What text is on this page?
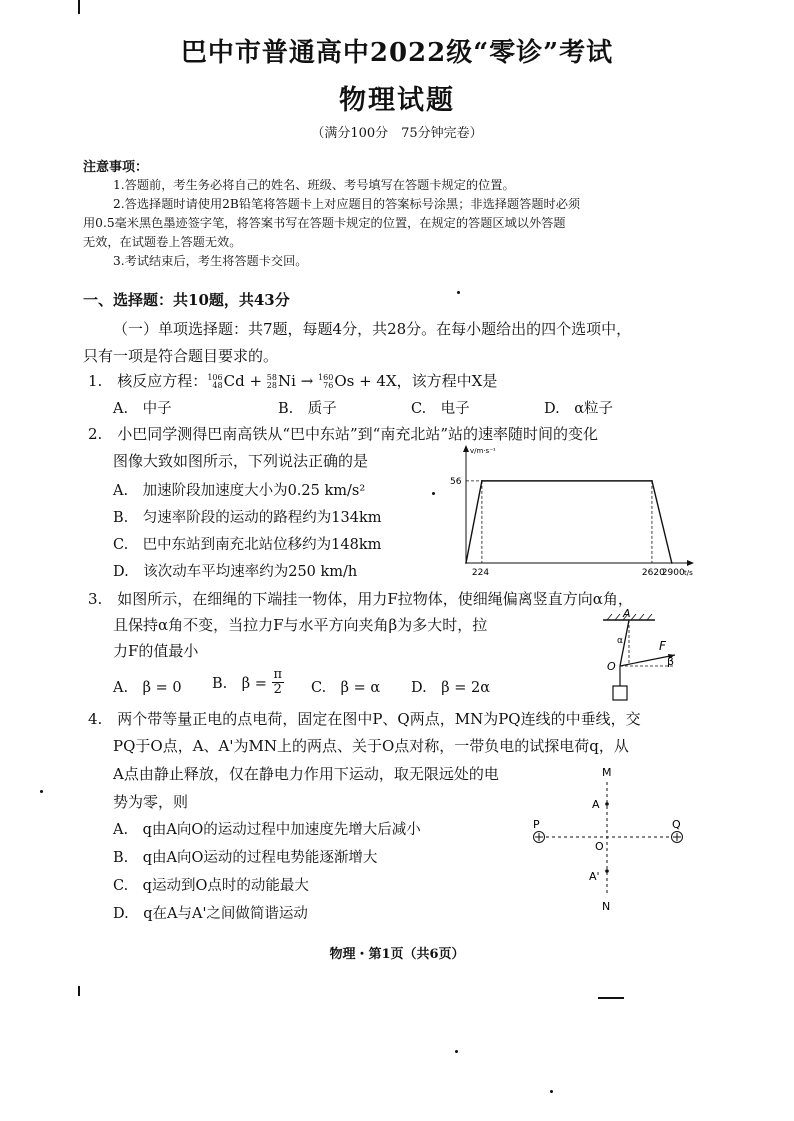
巴中市普通高中2022级“零诊”考试
物理试题
（满分100分　75分钟完卷）
注意事项：
1.答题前，考生务必将自己的姓名、班级、考号填写在答题卡规定的位置。
2.答选择题时请使用2B铅笔将答题卡上对应题目的答案标号涂黑；非选择题答题时必须
用0.5毫米黑色墨迹签字笔，将答案书写在答题卡规定的位置，在规定的答题区域以外答题
无效，在试题卷上答题无效。
3.考试结束后，考生将答题卡交回。
一、选择题：共10题，共43分
（一）单项选择题：共7题，每题4分，共28分。在每小题给出的四个选项中，
只有一项是符合题目要求的。
1.　核反应方程：106
48Cd + 58
28Ni → 160
76Os + 4X，该方程中X是
A.　中子	B.　质子	C.　电子	D.　α粒子
2.　小巴同学测得巴南高铁从“巴中东站”到“南充北站”站的速率随时间的变化
图像大致如图所示，下列说法正确的是
A.　加速阶段加速度大小为0.25 km/s²
B.　匀速率阶段的运动的路程约为134km
C.　巴中东站到南充北站位移约为148km
D.　该次动车平均速率约为250 km/h	224	2620
2900
56
v/m·s⁻¹
t/s
3.　如图所示，在细绳的下端挂一物体，用力F拉物体，使细绳偏离竖直方向α角，
且保持α角不变，当拉力F与水平方向夹角β为多大时，拉
力F的值最小
A.　β = 0 B.　$\beta = \frac{\pi}{2} C$.　β = α D.　β = 2α
A
α
O
F
β
4.　两个带等量正电的点电荷，固定在图中P、Q两点，MN为PQ连线的中垂线，交
PQ于O点，A、A'为MN上的两点、关于O点对称，一带负电的试探电荷q，从
A点由静止释放，仅在静电力作用下运动，取无限远处的电
势为零，则
A.　q由A向O的运动过程中加速度先增大后减小
B.　q由A向O运动的过程电势能逐渐增大
C.　q运动到O点时的动能最大
D.　q在A与A'之间做简谐运动
M
A
P	Q
O
A'
N
物理・第1页（共6页）
